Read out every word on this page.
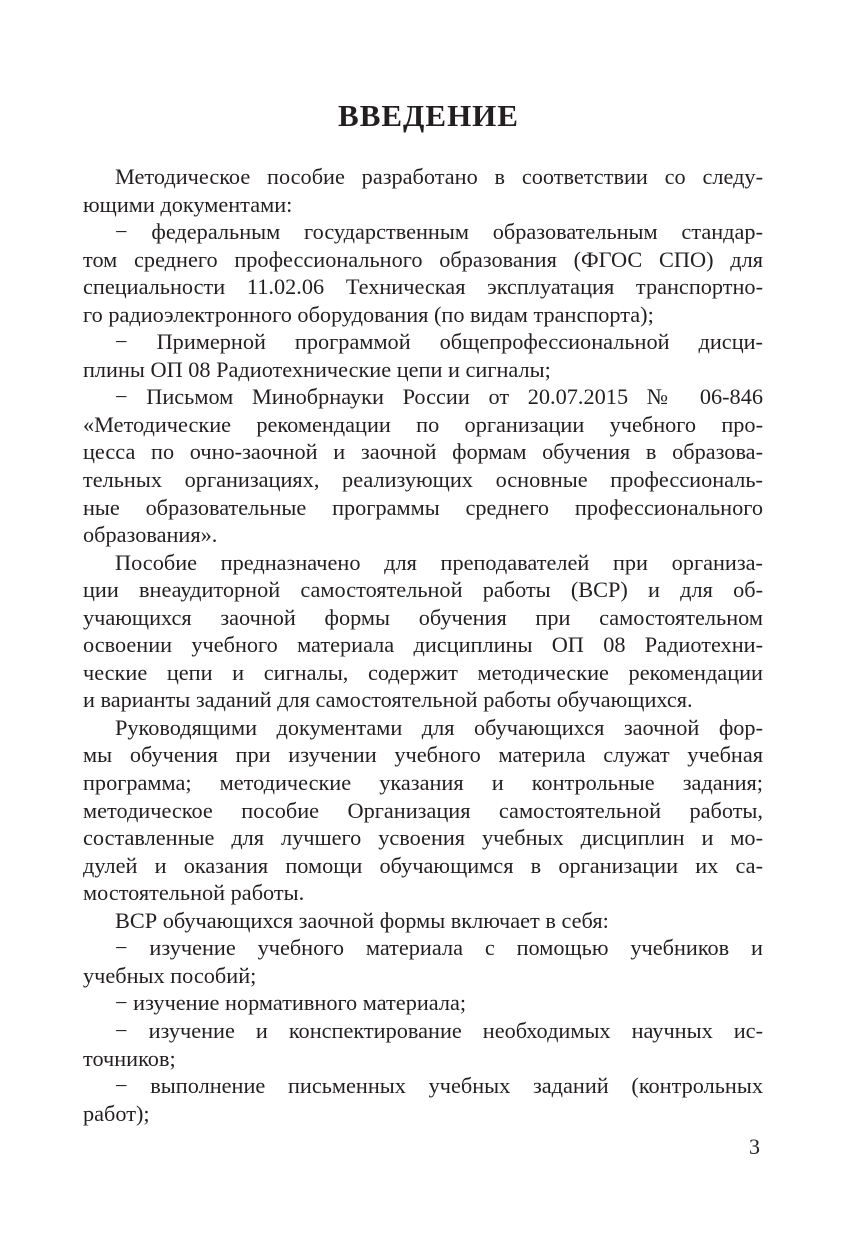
ВВЕДЕНИЕ
Методическое пособие разработано в соответствии со следу-
ющими документами:
− федеральным государственным образовательным стандар-
том среднего профессионального образования (ФГОС СПО) для
специальности 11.02.06 Техническая эксплуатация транспортно-
го радиоэлектронного оборудования (по видам транспорта);
− Примерной программой общепрофессиональной дисци-
плины ОП 08 Радиотехнические цепи и сигналы;
− Письмом Минобрнауки России от 20.07.2015 № 06-846
«Методические рекомендации по организации учебного про-
цесса по очно-заочной и заочной формам обучения в образова-
тельных организациях, реализующих основные профессиональ-
ные образовательные программы среднего профессионального
образования».
Пособие предназначено для преподавателей при организа-
ции внеаудиторной самостоятельной работы (ВСР) и для об-
учающихся заочной формы обучения при самостоятельном
освоении учебного материала дисциплины ОП 08 Радиотехни-
ческие цепи и сигналы, содержит методические рекомендации
и варианты заданий для самостоятельной работы обучающихся.
Руководящими документами для обучающихся заочной фор-
мы обучения при изучении учебного материла служат учебная
программа; методические указания и контрольные задания;
методическое пособие Организация самостоятельной работы,
составленные для лучшего усвоения учебных дисциплин и мо-
дулей и оказания помощи обучающимся в организации их са-
мостоятельной работы.
ВСР обучающихся заочной формы включает в себя:
− изучение учебного материала с помощью учебников и
учебных пособий;
− изучение нормативного материала;
− изучение и конспектирование необходимых научных ис-
точников;
− выполнение письменных учебных заданий (контрольных
работ);
3
